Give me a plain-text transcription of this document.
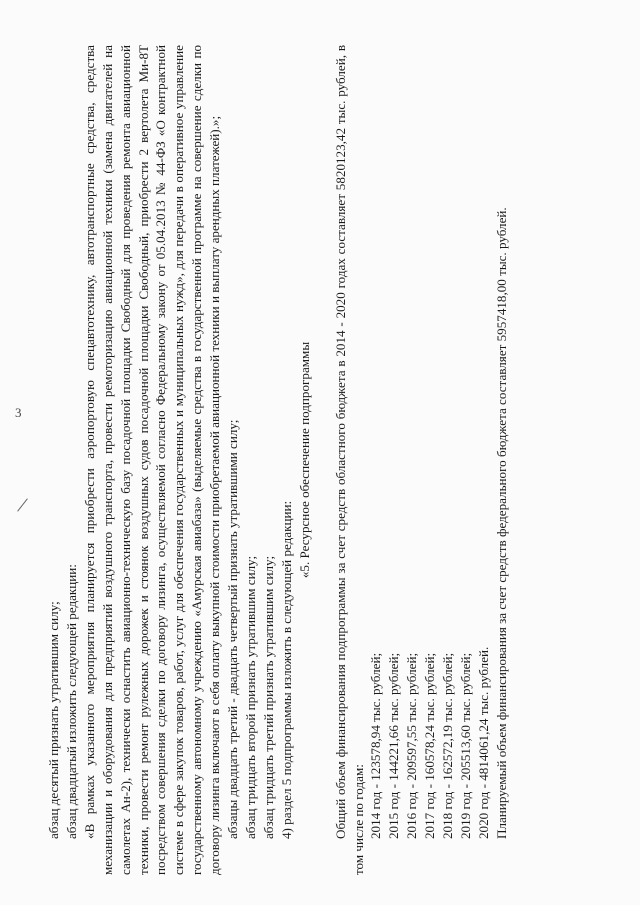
3

абзац десятый признать утратившим силу; абзац двадцатый изложить следующей редакции: «В рамках указанного мероприятия планируется приобрести аэропортовую спецавтотехнику, автотранспортные средства, средства механизации и оборудования для предприятий воздушного транспорта, провести ремоторизацию авиационной техники (замена двигателей на самолетах Ан-2), технически оснастить авиационно-техническую базу посадочной площадки Свободный для проведения ремонта авиационной техники, провести ремонт рулежных дорожек и стоянок воздушных судов посадочной площадки Свободный, приобрести 2 вертолета Ми-8Т посредством совершения сделки по договору лизинга, осуществляемой согласно Федеральному закону от 05.04.2013 № 44-ФЗ «О контрактной системе в сфере закупок товаров, работ, услуг для обеспечения государственных и муниципальных нужд», для передачи в оперативное управление государственному автономному учреждению «Амурская авиабаза» (выделяемые средства в государственной программе на совершение сделки по договору лизинга включают в себя оплату выкупной стоимости приобретаемой авиационной техники и выплату арендных платежей).»; абзацы двадцать третий - двадцать четвертый признать утратившими силу; абзац тридцать второй признать утратившим силу; абзац тридцать третий признать утратившим силу; 4) раздел 5 подпрограммы изложить в следующей редакции:

«5. Ресурсное обеспечение подпрограммы Общий объем финансирования подпрограммы за счет средств областного бюджета в 2014 - 2020 годах составляет 5820123,42 тыс. рублей, в том числе по годам: 2014 год - 123578,94 тыс. рублей; 2015 год - 144221,66 тыс. рублей; 2016 год - 209597,55 тыс. рублей; 2017 год - 160578,24 тыс. рублей; 2018 год - 162572,19 тыс. рублей; 2019 год - 205513,60 тыс. рублей; 2020 год - 4814061,24 тыс. рублей. Планируемый объем финансирования за счет средств федерального бюджета составляет 5957418,00 тыс. рублей.
